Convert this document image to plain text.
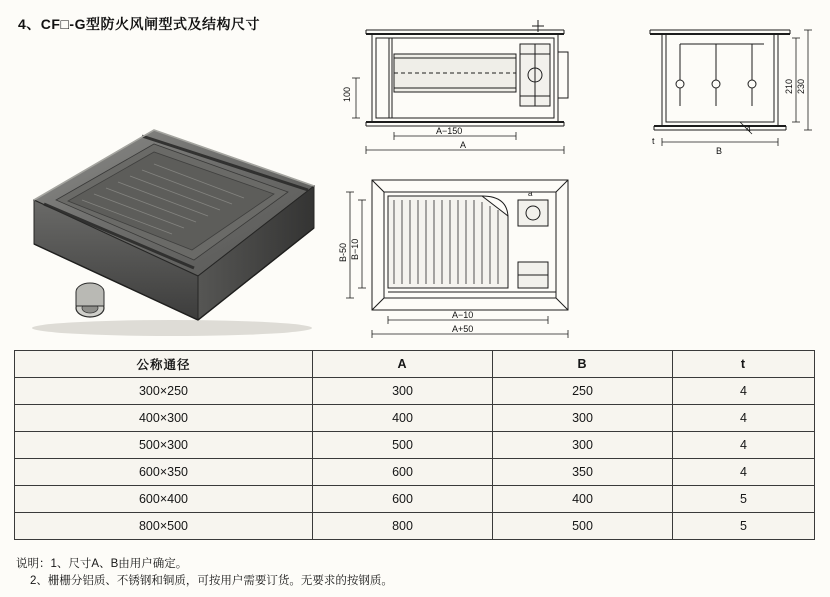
4、CF□-G型防火风闸型式及结构尺寸
100
A−150
A
210 230
4
t
B
B-50 B−10
a
A−10
A+50
公称通径	A	B	t
300×250	300	250	4
400×300	400	300	4
500×300	500	300	4
600×350	600	350	4
600×400	600	400	5
800×500	800	500	5
说明：1、尺寸A、B由用户确定。
2、栅栅分铝质、不锈钢和铜质，可按用户需要订货。无要求的按钢质。
